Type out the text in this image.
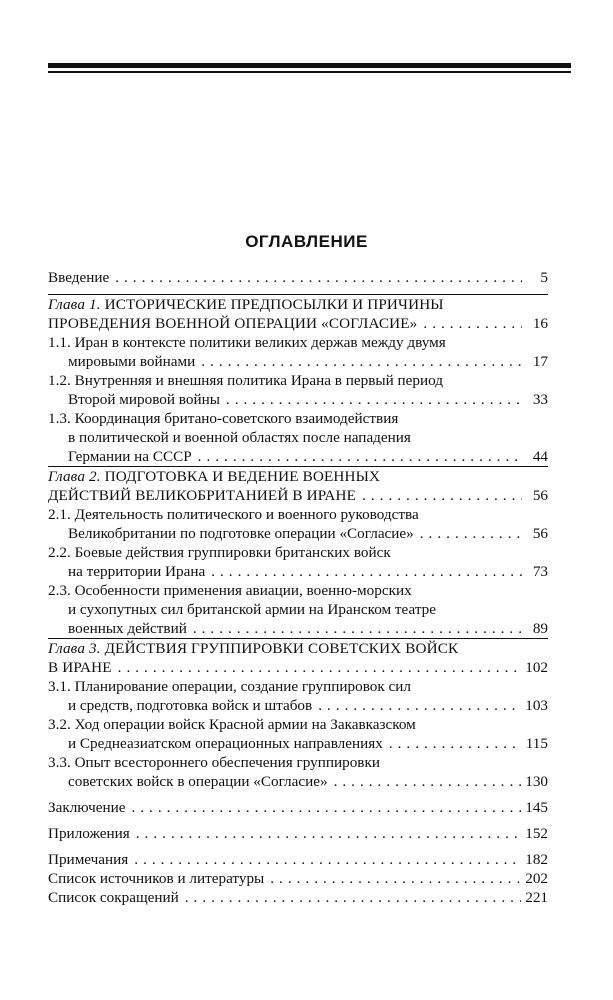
ОГЛАВЛЕНИЕ
Введение . . .	5
Глава 1. ИСТОРИЧЕСКИЕ ПРЕДПОСЫЛКИ И ПРИЧИНЫ
ПРОВЕДЕНИЯ ВОЕННОЙ ОПЕРАЦИИ «СОГЛАСИЕ» . . .	16
1.1. Иран в контексте политики великих держав между двумя
мировыми войнами . . .	17
1.2. Внутренняя и внешняя политика Ирана в первый период
Второй мировой войны . . .	33
1.3. Координация британо-советского взаимодействия
в политической и военной областях после нападения
Германии на СССР . . .	44
Глава 2. ПОДГОТОВКА И ВЕДЕНИЕ ВОЕННЫХ
ДЕЙСТВИЙ ВЕЛИКОБРИТАНИЕЙ В ИРАНЕ . . .	56
2.1. Деятельность политического и военного руководства
Великобритании по подготовке операции «Согласие» . . .	56
2.2. Боевые действия группировки британских войск
на территории Ирана . . .	73
2.3. Особенности применения авиации, военно-морских
и сухопутных сил британской армии на Иранском театре
военных действий . . .	89
Глава 3. ДЕЙСТВИЯ ГРУППИРОВКИ СОВЕТСКИХ ВОЙСК
В ИРАНЕ . . .	102
3.1. Планирование операции, создание группировок сил
и средств, подготовка войск и штабов . . .	103
3.2. Ход операции войск Красной армии на Закавказском
и Среднеазиатском операционных направлениях . . .	115
3.3. Опыт всестороннего обеспечения группировки
советских войск в операции «Согласие» . . .	130
Заключение . . .	145
Приложения . . .	152
Примечания . . .	182
Список источников и литературы . . .	202
Список сокращений . . .	221
